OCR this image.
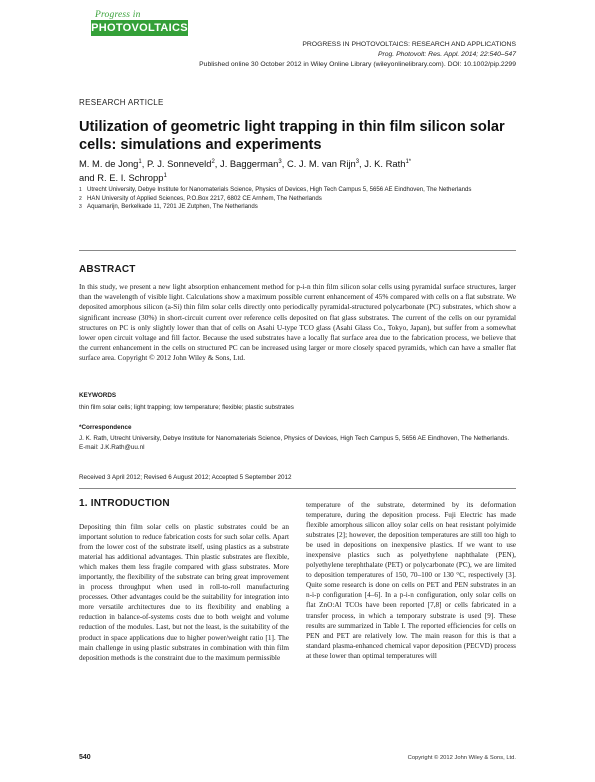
Progress in
PHOTOVOLTAICS
PROGRESS IN PHOTOVOLTAICS: RESEARCH AND APPLICATIONS
Prog. Photovolt: Res. Appl. 2014; 22:540–547
Published online 30 October 2012 in Wiley Online Library (wileyonlinelibrary.com). DOI: 10.1002/pip.2299
RESEARCH ARTICLE
Utilization of geometric light trapping in thin film silicon solar cells: simulations and experiments
M. M. de Jong$^1$, P. J. Sonneveld$^2$, J. Baggerman$^3$, C. J. M. van Rijn$^3$, J. K. Rath$^{1*}$
and R. E. I. Schropp$^1$
1 Utrecht University, Debye Institute for Nanomaterials Science, Physics of Devices, High Tech Campus 5, 5656 AE Eindhoven, The Netherlands
2 HAN University of Applied Sciences, P.O.Box 2217, 6802 CE Arnhem, The Netherlands
3 Aquamarijn, Berkelkade 11, 7201 JE Zutphen, The Netherlands
ABSTRACT
In this study, we present a new light absorption enhancement method for p-i-n thin film silicon solar cells using pyramidal surface structures, larger than the wavelength of visible light. Calculations show a maximum possible current enhancement of 45% compared with cells on a flat substrate. We deposited amorphous silicon (a-Si) thin film solar cells directly onto periodically pyramidal-structured polycarbonate (PC) substrates, which show a significant increase (30%) in short-circuit current over reference cells deposited on flat glass substrates. The current of the cells on our pyramidal structures on PC is only slightly lower than that of cells on Asahi U-type TCO glass (Asahi Glass Co., Tokyo, Japan), but suffer from a somewhat lower open circuit voltage and fill factor. Because the used substrates have a locally flat surface area due to the fabrication process, we believe that the current enhancement in the cells on structured PC can be increased using larger or more closely spaced pyramids, which can have a smaller flat surface area. Copyright © 2012 John Wiley & Sons, Ltd.
KEYWORDS
thin film solar cells; light trapping; low temperature; flexible; plastic substrates
*Correspondence
J. K. Rath, Utrecht University, Debye Institute for Nanomaterials Science, Physics of Devices, High Tech Campus 5, 5656 AE Eindhoven, The Netherlands.
E-mail: J.K.Rath@uu.nl
Received 3 April 2012; Revised 6 August 2012; Accepted 5 September 2012
1. INTRODUCTION
Depositing thin film solar cells on plastic substrates could be an important solution to reduce fabrication costs for such solar cells. Apart from the lower cost of the substrate itself, using plastics as a substrate material has additional advantages. Thin plastic substrates are flexible, which makes them less fragile compared with glass substrates. More importantly, the flexibility of the substrate can bring great improvement in process throughput when used in roll-to-roll manufacturing processes. Other advantages could be the suitability for integration into more versatile architectures due to its flexibility and enabling a reduction in balance-of-systems costs due to both weight and volume reduction of the modules. Last, but not the least, is the suitability of the product in space applications due to higher power/weight ratio [1]. The main challenge in using plastic substrates in combination with thin film deposition methods is the constraint due to the maximum permissible
temperature of the substrate, determined by its deformation temperature, during the deposition process. Fuji Electric has made flexible amorphous silicon alloy solar cells on heat resistant polyimide substrates [2]; however, the deposition temperatures are still too high to be used in depositions on inexpensive plastics. If we want to use inexpensive plastics such as polyethylene naphthalate (PEN), polyethylene terephthalate (PET) or polycarbonate (PC), we are limited to deposition temperatures of 150, 70–100 or 130 °C, respectively [3]. Quite some research is done on cells on PET and PEN substrates in an n-i-p configuration [4–6]. In a p-i-n configuration, only solar cells on flat ZnO:Al TCOs have been reported [7,8] or cells fabricated in a transfer process, in which a temporary substrate is used [9]. These results are summarized in Table I. The reported efficiencies for cells on PEN and PET are relatively low. The main reason for this is that a standard plasma-enhanced chemical vapor deposition (PECVD) process at these lower than optimal temperatures will
540	Copyright © 2012 John Wiley & Sons, Ltd.
